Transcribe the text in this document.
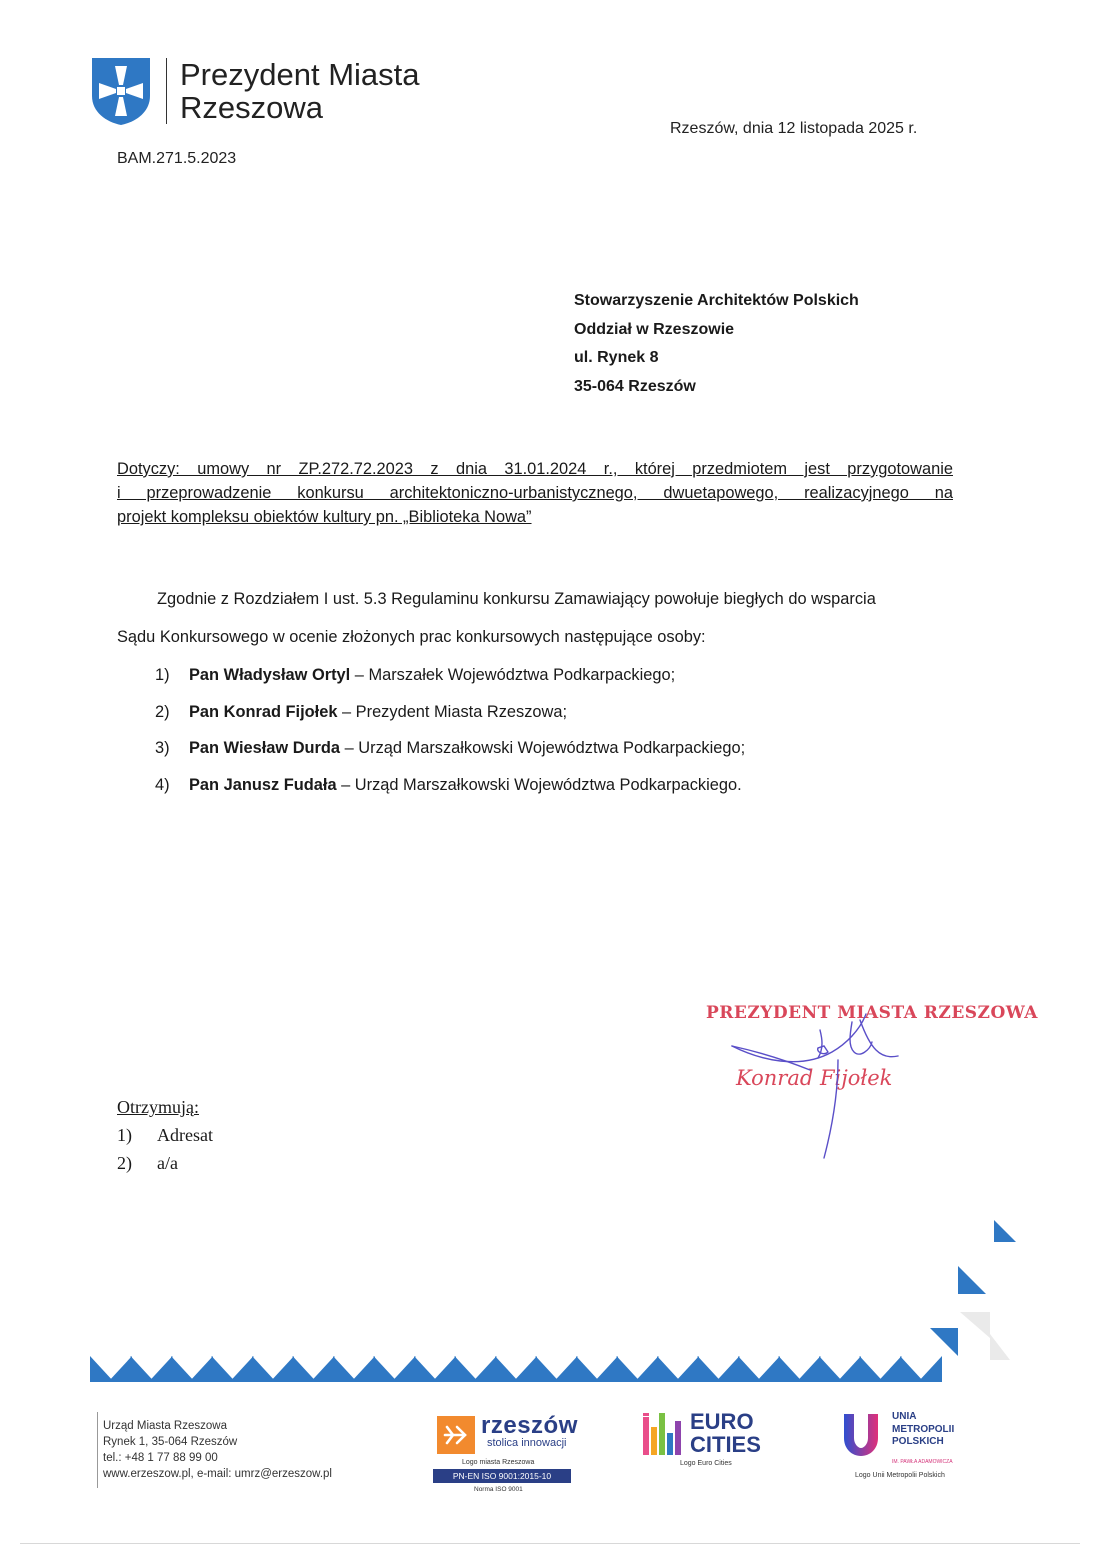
Prezydent Miasta
Rzeszowa
Rzeszów, dnia 12 listopada 2025 r.
BAM.271.5.2023
Stowarzyszenie Architektów Polskich
Oddział w Rzeszowie
ul. Rynek 8
35-064 Rzeszów
Dotyczy: umowy nr ZP.272.72.2023 z dnia 31.01.2024 r., której przedmiotem jest przygotowanie
i przeprowadzenie konkursu architektoniczno-urbanistycznego, dwuetapowego, realizacyjnego na
projekt kompleksu obiektów kultury pn. „Biblioteka Nowa”
Zgodnie z Rozdziałem I ust. 5.3 Regulaminu konkursu Zamawiający powołuje biegłych do wsparcia
Sądu Konkursowego w ocenie złożonych prac konkursowych następujące osoby:
1) Pan Władysław Ortyl – Marszałek Województwa Podkarpackiego;
2) Pan Konrad Fijołek – Prezydent Miasta Rzeszowa;
3) Pan Wiesław Durda – Urząd Marszałkowski Województwa Podkarpackiego;
4) Pan Janusz Fudała – Urząd Marszałkowski Województwa Podkarpackiego.
PREZYDENT MIASTA RZESZOWA
Konrad Fijołek
Otrzymują:
1) Adresat
2) a/a
Urząd Miasta Rzeszowa
Rynek 1, 35-064 Rzeszów
tel.: +48 1 77 88 99 00
www.erzeszow.pl, e-mail: umrz@erzeszow.pl
rzeszów
stolica innowacji
Logo miasta Rzeszowa
PN-EN ISO 9001:2015-10
Norma ISO 9001
EURO
CITIES
Logo Euro Cities
UNIA
METROPOLII
POLSKICH
IM. PAWŁA ADAMOWICZA
Logo Unii Metropolii Polskich
